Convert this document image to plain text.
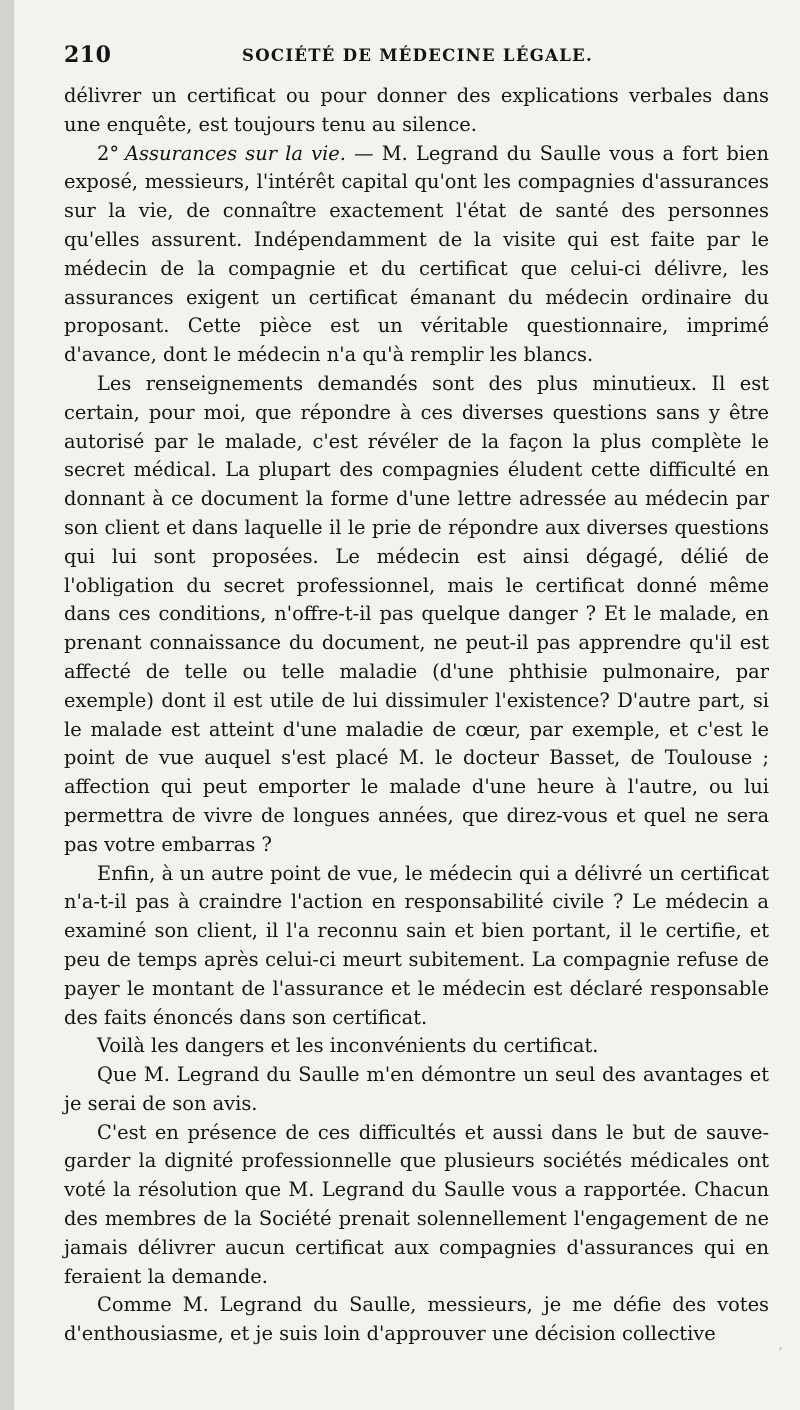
210	SOCIÉTÉ DE MÉDECINE LÉGALE.

délivrer un certificat ou pour donner des explications verbales dans une enquête, est toujours tenu au silence.

2° Assurances sur la vie. — M. Legrand du Saulle vous a fort bien exposé, messieurs, l'intérêt capital qu'ont les compagnies d'assurances sur la vie, de connaître exactement l'état de santé des personnes qu'elles assurent. Indépendamment de la visite qui est faite par le médecin de la compagnie et du certificat que celui-ci délivre, les assurances exigent un certificat émanant du médecin ordinaire du proposant. Cette pièce est un véritable questionnaire, imprimé d'avance, dont le médecin n'a qu'à remplir les blancs.

Les renseignements demandés sont des plus minutieux. Il est certain, pour moi, que répondre à ces diverses questions sans y être autorisé par le malade, c'est révéler de la façon la plus complète le secret médical. La plupart des compagnies éludent cette difficulté en donnant à ce document la forme d'une lettre adressée au médecin par son client et dans laquelle il le prie de répondre aux diverses questions qui lui sont proposées. Le médecin est ainsi dégagé, délié de l'obligation du secret professionnel, mais le certificat donné même dans ces conditions, n'offre-t-il pas quelque danger ? Et le malade, en prenant connaissance du document, ne peut-il pas apprendre qu'il est affecté de telle ou telle maladie (d'une phthisie pulmonaire, par exemple) dont il est utile de lui dissimuler l'existence? D'autre part, si le malade est atteint d'une maladie de cœur, par exemple, et c'est le point de vue auquel s'est placé M. le docteur Basset, de Toulouse ; affection qui peut emporter le malade d'une heure à l'autre, ou lui permettra de vivre de longues années, que direz-vous et quel ne sera pas votre embarras ?

Enfin, à un autre point de vue, le médecin qui a délivré un certificat n'a-t-il pas à craindre l'action en responsabilité civile ? Le médecin a examiné son client, il l'a reconnu sain et bien portant, il le certifie, et peu de temps après celui-ci meurt subitement. La compagnie refuse de payer le montant de l'assurance et le médecin est déclaré responsable des faits énoncés dans son certificat.

Voilà les dangers et les inconvénients du certificat.

Que M. Legrand du Saulle m'en démontre un seul des avantages et je serai de son avis.

C'est en présence de ces difficultés et aussi dans le but de sauvegarder la dignité professionnelle que plusieurs sociétés médicales ont voté la résolution que M. Legrand du Saulle vous a rapportée. Chacun des membres de la Société prenait solennellement l'engagement de ne jamais délivrer aucun certificat aux compagnies d'assurances qui en feraient la demande.

Comme M. Legrand du Saulle, messieurs, je me défie des votes d'enthousiasme, et je suis loin d'approuver une décision collective
